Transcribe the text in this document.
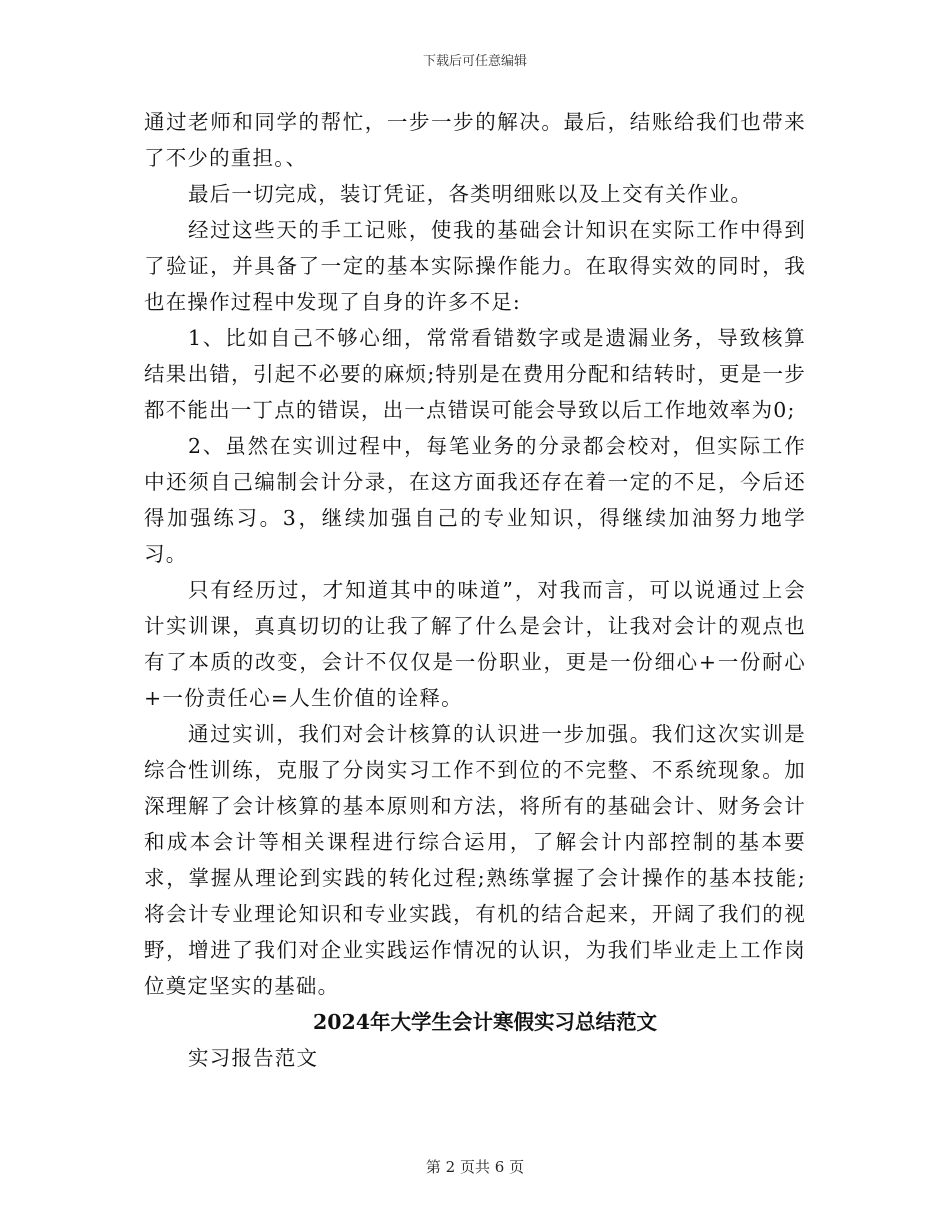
下载后可任意编辑

通过老师和同学的帮忙，一步一步的解决。最后，结账给我们也带来了不少的重担。、

最后一切完成，装订凭证，各类明细账以及上交有关作业。

经过这些天的手工记账，使我的基础会计知识在实际工作中得到了验证，并具备了一定的基本实际操作能力。在取得实效的同时，我也在操作过程中发现了自身的许多不足:

1、比如自己不够心细，常常看错数字或是遗漏业务，导致核算结果出错，引起不必要的麻烦;特别是在费用分配和结转时，更是一步都不能出一丁点的错误，出一点错误可能会导致以后工作地效率为0;

2、虽然在实训过程中，每笔业务的分录都会校对，但实际工作中还须自己编制会计分录，在这方面我还存在着一定的不足，今后还得加强练习。3，继续加强自己的专业知识，得继续加油努力地学习。

只有经历过，才知道其中的味道”，对我而言，可以说通过上会计实训课，真真切切的让我了解了什么是会计，让我对会计的观点也有了本质的改变，会计不仅仅是一份职业，更是一份细心+一份耐心+一份责任心=人生价值的诠释。

通过实训，我们对会计核算的认识进一步加强。我们这次实训是综合性训练，克服了分岗实习工作不到位的不完整、不系统现象。加深理解了会计核算的基本原则和方法，将所有的基础会计、财务会计和成本会计等相关课程进行综合运用，了解会计内部控制的基本要求，掌握从理论到实践的转化过程;熟练掌握了会计操作的基本技能;将会计专业理论知识和专业实践，有机的结合起来，开阔了我们的视野，增进了我们对企业实践运作情况的认识，为我们毕业走上工作岗位奠定坚实的基础。

2024年大学生会计寒假实习总结范文

实习报告范文

第 2 页共 6 页
